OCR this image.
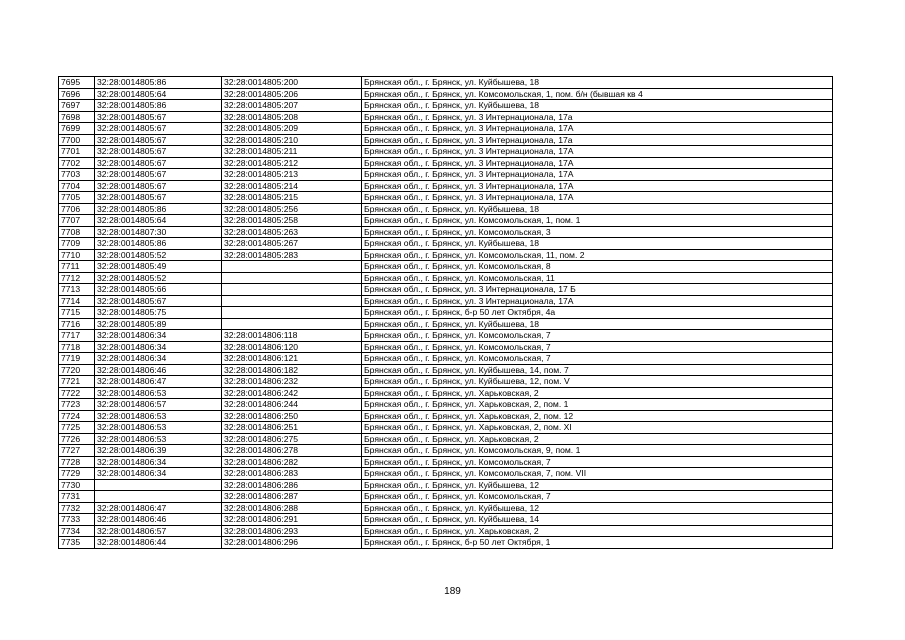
7695	32:28:0014805:86	32:28:0014805:200	Брянская обл., г. Брянск, ул. Куйбышева, 18
7696	32:28:0014805:64	32:28:0014805:206	Брянская обл., г. Брянск, ул. Комсомольская, 1, пом. б/н (бывшая кв 4
7697	32:28:0014805:86	32:28:0014805:207	Брянская обл., г. Брянск, ул. Куйбышева, 18
7698	32:28:0014805:67	32:28:0014805:208	Брянская обл., г. Брянск, ул. 3 Интернационала, 17а
7699	32:28:0014805:67	32:28:0014805:209	Брянская обл., г. Брянск, ул. 3 Интернационала, 17А
7700	32:28:0014805:67	32:28:0014805:210	Брянская обл., г. Брянск, ул. 3 Интернационала, 17а
7701	32:28:0014805:67	32:28:0014805:211	Брянская обл., г. Брянск, ул. 3 Интернационала, 17А
7702	32:28:0014805:67	32:28:0014805:212	Брянская обл., г. Брянск, ул. 3 Интернационала, 17А
7703	32:28:0014805:67	32:28:0014805:213	Брянская обл., г. Брянск, ул. 3 Интернационала, 17А
7704	32:28:0014805:67	32:28:0014805:214	Брянская обл., г. Брянск, ул. 3 Интернационала, 17А
7705	32:28:0014805:67	32:28:0014805:215	Брянская обл., г. Брянск, ул. 3 Интернационала, 17А
7706	32:28:0014805:86	32:28:0014805:256	Брянская обл., г. Брянск, ул. Куйбышева, 18
7707	32:28:0014805:64	32:28:0014805:258	Брянская обл., г. Брянск, ул. Комсомольская, 1, пом. 1
7708	32:28:0014807:30	32:28:0014805:263	Брянская обл., г. Брянск, ул. Комсомольская, 3
7709	32:28:0014805:86	32:28:0014805:267	Брянская обл., г. Брянск, ул. Куйбышева, 18
7710	32:28:0014805:52	32:28:0014805:283	Брянская обл., г. Брянск, ул. Комсомольская, 11, пом. 2
7711	32:28:0014805:49		Брянская обл., г. Брянск, ул. Комсомольская, 8
7712	32:28:0014805:52		Брянская обл., г. Брянск, ул. Комсомольская, 11
7713	32:28:0014805:66		Брянская обл., г. Брянск, ул. 3 Интернационала, 17 Б
7714	32:28:0014805:67		Брянская обл., г. Брянск, ул. 3 Интернационала, 17А
7715	32:28:0014805:75		Брянская обл., г. Брянск, б-р 50 лет Октября, 4а
7716	32:28:0014805:89		Брянская обл., г. Брянск, ул. Куйбышева, 18
7717	32:28:0014806:34	32:28:0014806:118	Брянская обл., г. Брянск, ул. Комсомольская, 7
7718	32:28:0014806:34	32:28:0014806:120	Брянская обл., г. Брянск, ул. Комсомольская, 7
7719	32:28:0014806:34	32:28:0014806:121	Брянская обл., г. Брянск, ул. Комсомольская, 7
7720	32:28:0014806:46	32:28:0014806:182	Брянская обл., г. Брянск, ул. Куйбышева, 14, пом. 7
7721	32:28:0014806:47	32:28:0014806:232	Брянская обл., г. Брянск, ул. Куйбышева, 12, пом. V
7722	32:28:0014806:53	32:28:0014806:242	Брянская обл., г. Брянск, ул. Харьковская, 2
7723	32:28:0014806:57	32:28:0014806:244	Брянская обл., г. Брянск, ул. Харьковская, 2, пом. 1
7724	32:28:0014806:53	32:28:0014806:250	Брянская обл., г. Брянск, ул. Харьковская, 2, пом. 12
7725	32:28:0014806:53	32:28:0014806:251	Брянская обл., г. Брянск, ул. Харьковская, 2, пом. XI
7726	32:28:0014806:53	32:28:0014806:275	Брянская обл., г. Брянск, ул. Харьковская, 2
7727	32:28:0014806:39	32:28:0014806:278	Брянская обл., г. Брянск, ул. Комсомольская, 9, пом. 1
7728	32:28:0014806:34	32:28:0014806:282	Брянская обл., г. Брянск, ул. Комсомольская, 7
7729	32:28:0014806:34	32:28:0014806:283	Брянская обл., г. Брянск, ул. Комсомольская, 7, пом. VII
7730		32:28:0014806:286	Брянская обл., г. Брянск, ул. Куйбышева, 12
7731		32:28:0014806:287	Брянская обл., г. Брянск, ул. Комсомольская, 7
7732	32:28:0014806:47	32:28:0014806:288	Брянская обл., г. Брянск, ул. Куйбышева, 12
7733	32:28:0014806:46	32:28:0014806:291	Брянская обл., г. Брянск, ул. Куйбышева, 14
7734	32:28:0014806:57	32:28:0014806:293	Брянская обл., г. Брянск, ул. Харьковская, 2
7735	32:28:0014806:44	32:28:0014806:296	Брянская обл., г. Брянск, б-р 50 лет Октября, 1
189
